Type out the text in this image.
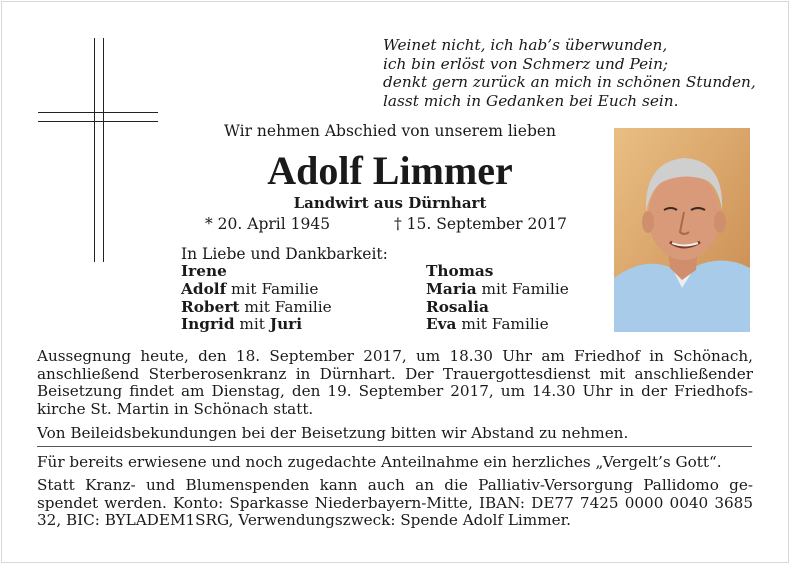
Weinet nicht, ich hab’s überwunden,
ich bin erlöst von Schmerz und Pein;
denkt gern zurück an mich in schönen Stunden,
lasst mich in Gedanken bei Euch sein.
Wir nehmen Abschied von unserem lieben
Adolf Limmer
Landwirt aus Dürnhart
* 20. April 1945	† 15. September 2017
In Liebe und Dankbarkeit:
Irene
Adolf mit Familie
Robert mit Familie
Ingrid mit Juri
Thomas
Maria mit Familie
Rosalia
Eva mit Familie
Aussegnung heute, den 18. September 2017, um 18.30 Uhr am Friedhof in Schönach, anschließend Sterberosenkranz in Dürnhart. Der Trauergottesdienst mit anschließender Beisetzung findet am Dienstag, den 19. September 2017, um 14.30 Uhr in der Friedhofs- kirche St. Martin in Schönach statt.
Von Beileidsbekundungen bei der Beisetzung bitten wir Abstand zu nehmen.
Für bereits erwiesene und noch zugedachte Anteilnahme ein herzliches „Vergelt’s Gott“.
Statt Kranz- und Blumenspenden kann auch an die Palliativ-Versorgung Pallidomo ge- spendet werden. Konto: Sparkasse Niederbayern-Mitte, IBAN: DE77 7425 0000 0040 3685 32, BIC: BYLADEM1SRG, Verwendungszweck: Spende Adolf Limmer.
